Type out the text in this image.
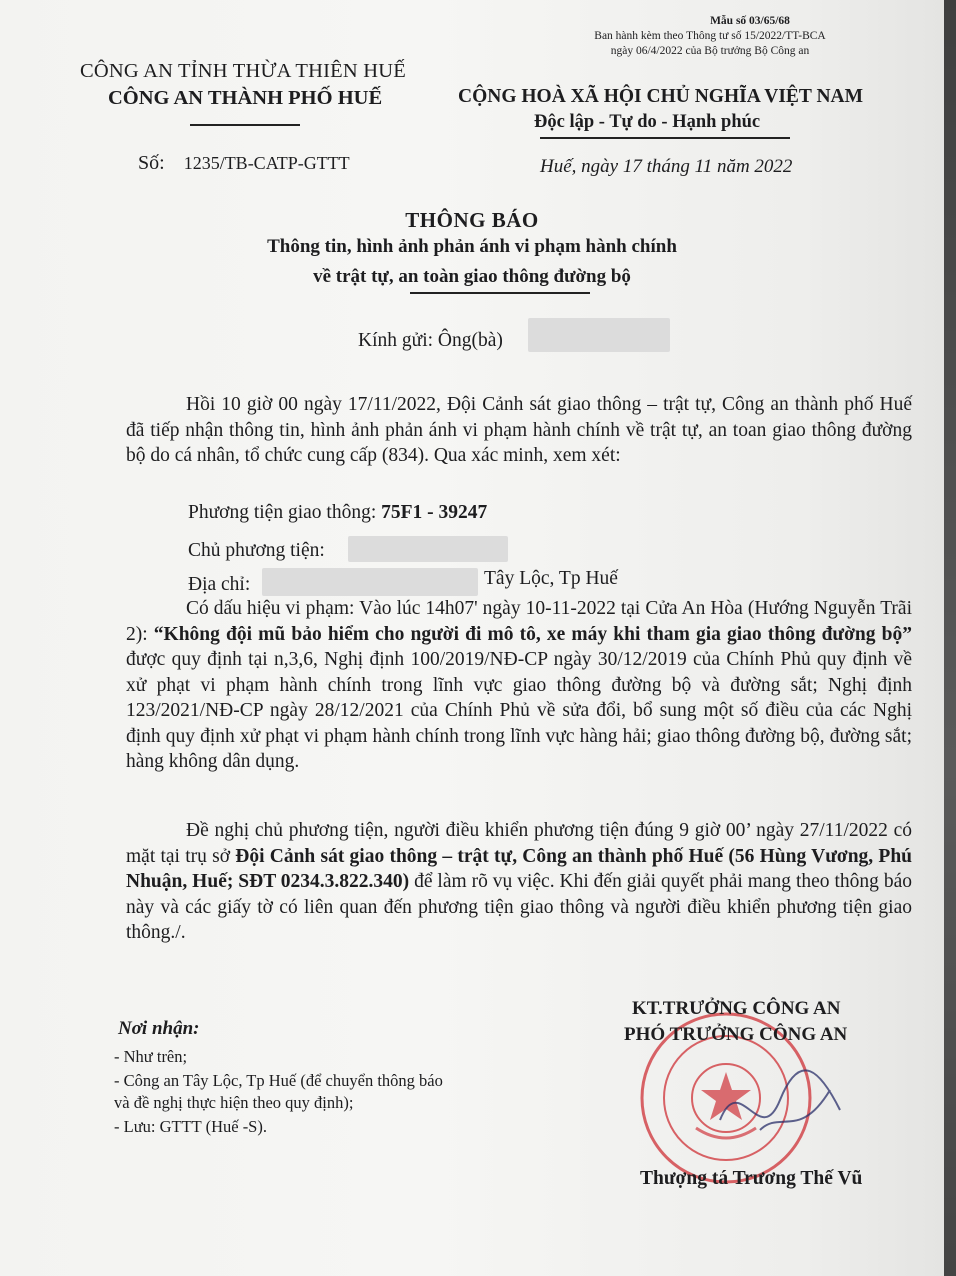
Mẫu số 03/65/68
Ban hành kèm theo Thông tư số 15/2022/TT-BCA
ngày 06/4/2022 của Bộ trưởng Bộ Công an
CÔNG AN TỈNH THỪA THIÊN HUẾ
CÔNG AN THÀNH PHỐ HUẾ	CỘNG HOÀ XÃ HỘI CHỦ NGHĨA VIỆT NAM
Độc lập - Tự do - Hạnh phúc
Số: 1235/TB-CATP-GTTT	Huế, ngày 17 tháng 11 năm 2022
THÔNG BÁO
Thông tin, hình ảnh phản ánh vi phạm hành chính
về trật tự, an toàn giao thông đường bộ
Kính gửi: Ông(bà)
Hồi 10 giờ 00 ngày 17/11/2022, Đội Cảnh sát giao thông – trật tự, Công an thành phố Huế đã tiếp nhận thông tin, hình ảnh phản ánh vi phạm hành chính về trật tự, an toan giao thông đường bộ do cá nhân, tổ chức cung cấp (834). Qua xác minh, xem xét:
Phương tiện giao thông: 75F1 - 39247
Chủ phương tiện:
Địa chỉ:	Tây Lộc, Tp Huế
Có dấu hiệu vi phạm: Vào lúc 14h07' ngày 10-11-2022 tại Cửa An Hòa (Hướng Nguyễn Trãi 2): “Không đội mũ bảo hiểm cho người đi mô tô, xe máy khi tham gia giao thông đường bộ” được quy định tại n,3,6, Nghị định 100/2019/NĐ-CP ngày 30/12/2019 của Chính Phủ quy định về xử phạt vi phạm hành chính trong lĩnh vực giao thông đường bộ và đường sắt; Nghị định 123/2021/NĐ-CP ngày 28/12/2021 của Chính Phủ về sửa đổi, bổ sung một số điều của các Nghị định quy định xử phạt vi phạm hành chính trong lĩnh vực hàng hải; giao thông đường bộ, đường sắt; hàng không dân dụng.
Đề nghị chủ phương tiện, người điều khiển phương tiện đúng 9 giờ 00’ ngày 27/11/2022 có mặt tại trụ sở Đội Cảnh sát giao thông – trật tự, Công an thành phố Huế (56 Hùng Vương, Phú Nhuận, Huế; SĐT 0234.3.822.340) để làm rõ vụ việc. Khi đến giải quyết phải mang theo thông báo này và các giấy tờ có liên quan đến phương tiện giao thông và người điều khiển phương tiện giao thông./.
Nơi nhận:
- Như trên;
- Công an Tây Lộc, Tp Huế (để chuyển thông báo
và đề nghị thực hiện theo quy định);
- Lưu: GTTT (Huế -S).
KT.TRƯỞNG CÔNG AN
PHÓ TRƯỞNG CÔNG AN
Thượng tá Trương Thế Vũ
